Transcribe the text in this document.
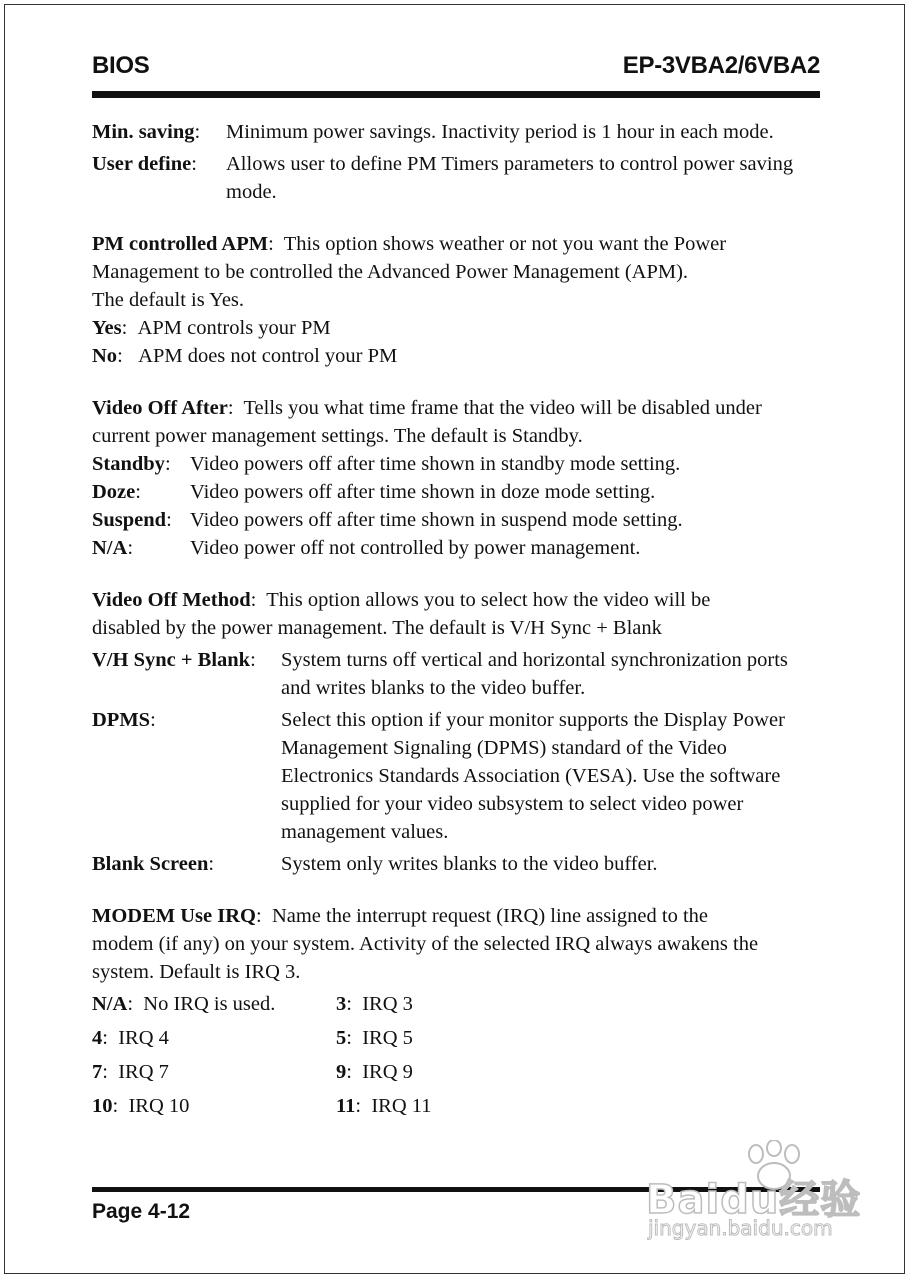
BIOS	EP-3VBA2/6VBA2
Min. saving:	Minimum power savings. Inactivity period is 1 hour in each mode.
User define:	Allows user to define PM Timers parameters to control power saving mode.
PM controlled APM:  This option shows weather or not you want the Power
Management to be controlled the Advanced Power Management (APM).
The default is Yes.
Yes: APM controls your PM
No: APM does not control your PM
Video Off After:  Tells you what time frame that the video will be disabled under
current power management settings. The default is Standby.
Standby: Video powers off after time shown in standby mode setting.
Doze:	Video powers off after time shown in doze mode setting.
Suspend: Video powers off after time shown in suspend mode setting.
N/A:	Video power off not controlled by power management.
Video Off Method:  This option allows you to select how the video will be
disabled by the power management. The default is V/H Sync + Blank
V/H Sync + Blank:	System turns off vertical and horizontal synchronization ports and writes blanks to the video buffer.
DPMS:	Select this option if your monitor supports the Display Power Management Signaling (DPMS) standard of the Video Electronics Standards Association (VESA). Use the software supplied for your video subsystem to select video power management values.
Blank Screen:	System only writes blanks to the video buffer.
MODEM Use IRQ:  Name the interrupt request (IRQ) line assigned to the
modem (if any) on your system. Activity of the selected IRQ always awakens the
system. Default is IRQ 3.
N/A:  No IRQ is used.	3:  IRQ 3
4:  IRQ 4	5:  IRQ 5
7:  IRQ 7	9:  IRQ 9
10:  IRQ 10	11:  IRQ 11
Page 4-12	Baidu经验
jingyan.baidu.com
